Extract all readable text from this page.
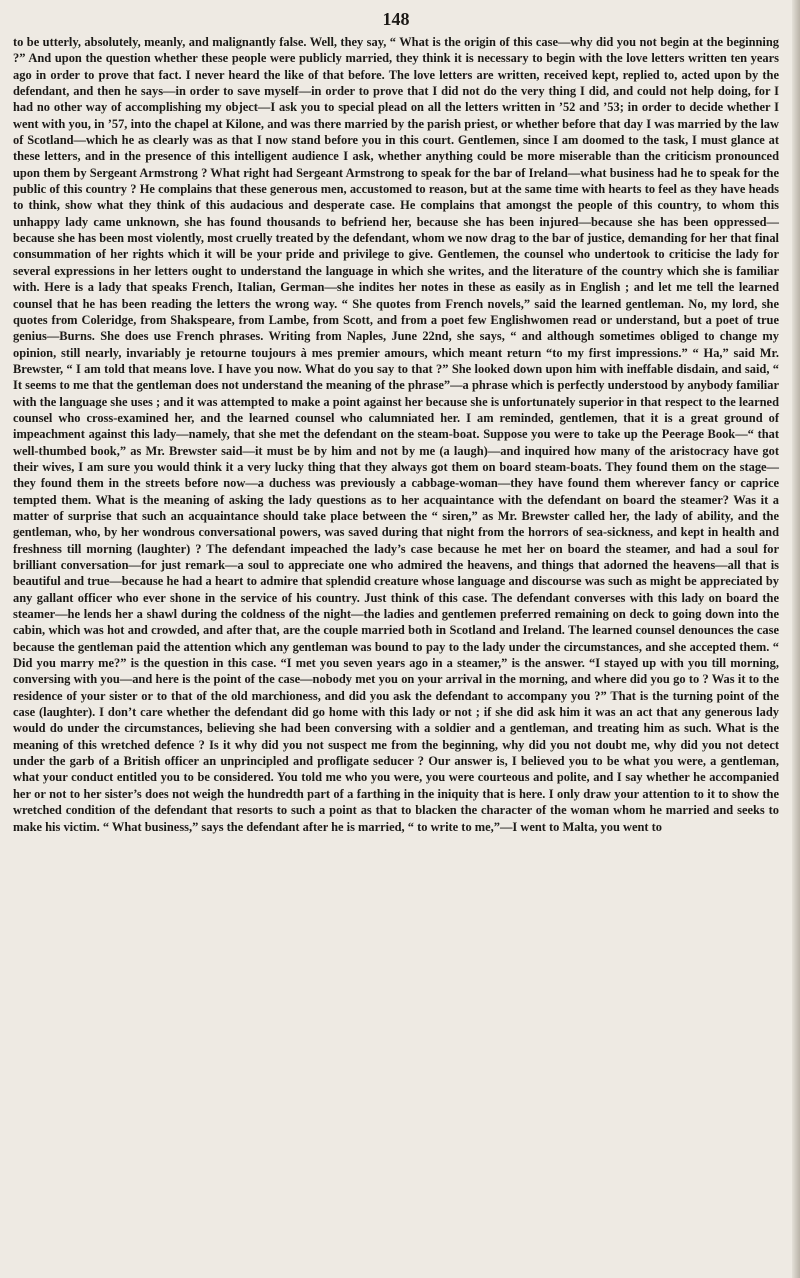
148

to be utterly, absolutely, meanly, and malignantly false. Well, they say, “ What is the origin of this case—why did you not begin at the beginning ?” And upon the question whether these people were publicly married, they think it is necessary to begin with the love letters written ten years ago in order to prove that fact. I never heard the like of that before. The love letters are written, received kept, replied to, acted upon by the defendant, and then he says—in order to save myself—in order to prove that I did not do the very thing I did, and could not help doing, for I had no other way of accomplishing my object—I ask you to special plead on all the letters written in ’52 and ’53; in order to decide whether I went with you, in ’57, into the chapel at Kilone, and was there married by the parish priest, or whether before that day I was married by the law of Scotland—which he as clearly was as that I now stand before you in this court. Gentlemen, since I am doomed to the task, I must glance at these letters, and in the presence of this intelligent audience I ask, whether anything could be more miserable than the criticism pronounced upon them by Sergeant Armstrong ? What right had Sergeant Armstrong to speak for the bar of Ireland—what business had he to speak for the public of this country ? He complains that these generous men, accustomed to reason, but at the same time with hearts to feel as they have heads to think, show what they think of this audacious and desperate case. He complains that amongst the people of this country, to whom this unhappy lady came unknown, she has found thousands to befriend her, because she has been injured—because she has been oppressed—because she has been most violently, most cruelly treated by the defendant, whom we now drag to the bar of justice, demanding for her that final consummation of her rights which it will be your pride and privilege to give. Gentlemen, the counsel who undertook to criticise the lady for several expressions in her letters ought to understand the language in which she writes, and the literature of the country which she is familiar with. Here is a lady that speaks French, Italian, German—she indites her notes in these as easily as in English ; and let me tell the learned counsel that he has been reading the letters the wrong way. “ She quotes from French novels,” said the learned gentleman. No, my lord, she quotes from Coleridge, from Shakspeare, from Lambe, from Scott, and from a poet few Englishwomen read or understand, but a poet of true genius—Burns. She does use French phrases. Writing from Naples, June 22nd, she says, “ and although sometimes obliged to change my opinion, still nearly, invariably je retourne toujours à mes premier amours, which meant return “to my first impressions.” “ Ha,” said Mr. Brewster, “ I am told that means love. I have you now. What do you say to that ?” She looked down upon him with ineffable disdain, and said, “ It seems to me that the gentleman does not understand the meaning of the phrase”—a phrase which is perfectly understood by anybody familiar with the language she uses ; and it was attempted to make a point against her because she is unfortunately superior in that respect to the learned counsel who cross-examined her, and the learned counsel who calumniated her. I am reminded, gentlemen, that it is a great ground of impeachment against this lady—namely, that she met the defendant on the steam-boat. Suppose you were to take up the Peerage Book—“ that well-thumbed book,” as Mr. Brewster said—it must be by him and not by me (a laugh)—and inquired how many of the aristocracy have got their wives, I am sure you would think it a very lucky thing that they always got them on board steam-boats. They found them on the stage—they found them in the streets before now—a duchess was previously a cabbage-woman—they have found them wherever fancy or caprice tempted them. What is the meaning of asking the lady questions as to her acquaintance with the defendant on board the steamer? Was it a matter of surprise that such an acquaintance should take place between the “ siren,” as Mr. Brewster called her, the lady of ability, and the gentleman, who, by her wondrous conversational powers, was saved during that night from the horrors of sea-sickness, and kept in health and freshness till morning (laughter) ? The defendant impeached the lady’s case because he met her on board the steamer, and had a soul for brilliant conversation—for just remark—a soul to appreciate one who admired the heavens, and things that adorned the heavens—all that is beautiful and true—because he had a heart to admire that splendid creature whose language and discourse was such as might be appreciated by any gallant officer who ever shone in the service of his country. Just think of this case. The defendant converses with this lady on board the steamer—he lends her a shawl during the coldness of the night—the ladies and gentlemen preferred remaining on deck to going down into the cabin, which was hot and crowded, and after that, are the couple married both in Scotland and Ireland. The learned counsel denounces the case because the gentleman paid the attention which any gentleman was bound to pay to the lady under the circumstances, and she accepted them. “ Did you marry me?” is the question in this case. “I met you seven years ago in a steamer,” is the answer. “I stayed up with you till morning, conversing with you—and here is the point of the case—nobody met you on your arrival in the morning, and where did you go to ? Was it to the residence of your sister or to that of the old marchioness, and did you ask the defendant to accompany you ?” That is the turning point of the case (laughter). I don’t care whether the defendant did go home with this lady or not ; if she did ask him it was an act that any generous lady would do under the circumstances, believing she had been conversing with a soldier and a gentleman, and treating him as such. What is the meaning of this wretched defence ? Is it why did you not suspect me from the beginning, why did you not doubt me, why did you not detect under the garb of a British officer an unprincipled and profligate seducer ? Our answer is, I believed you to be what you were, a gentleman, what your conduct entitled you to be considered. You told me who you were, you were courteous and polite, and I say whether he accompanied her or not to her sister’s does not weigh the hundredth part of a farthing in the iniquity that is here. I only draw your attention to it to show the wretched condition of the defendant that resorts to such a point as that to blacken the character of the woman whom he married and seeks to make his victim. “ What business,” says the defendant after he is married, “ to write to me,”—I went to Malta, you went to
